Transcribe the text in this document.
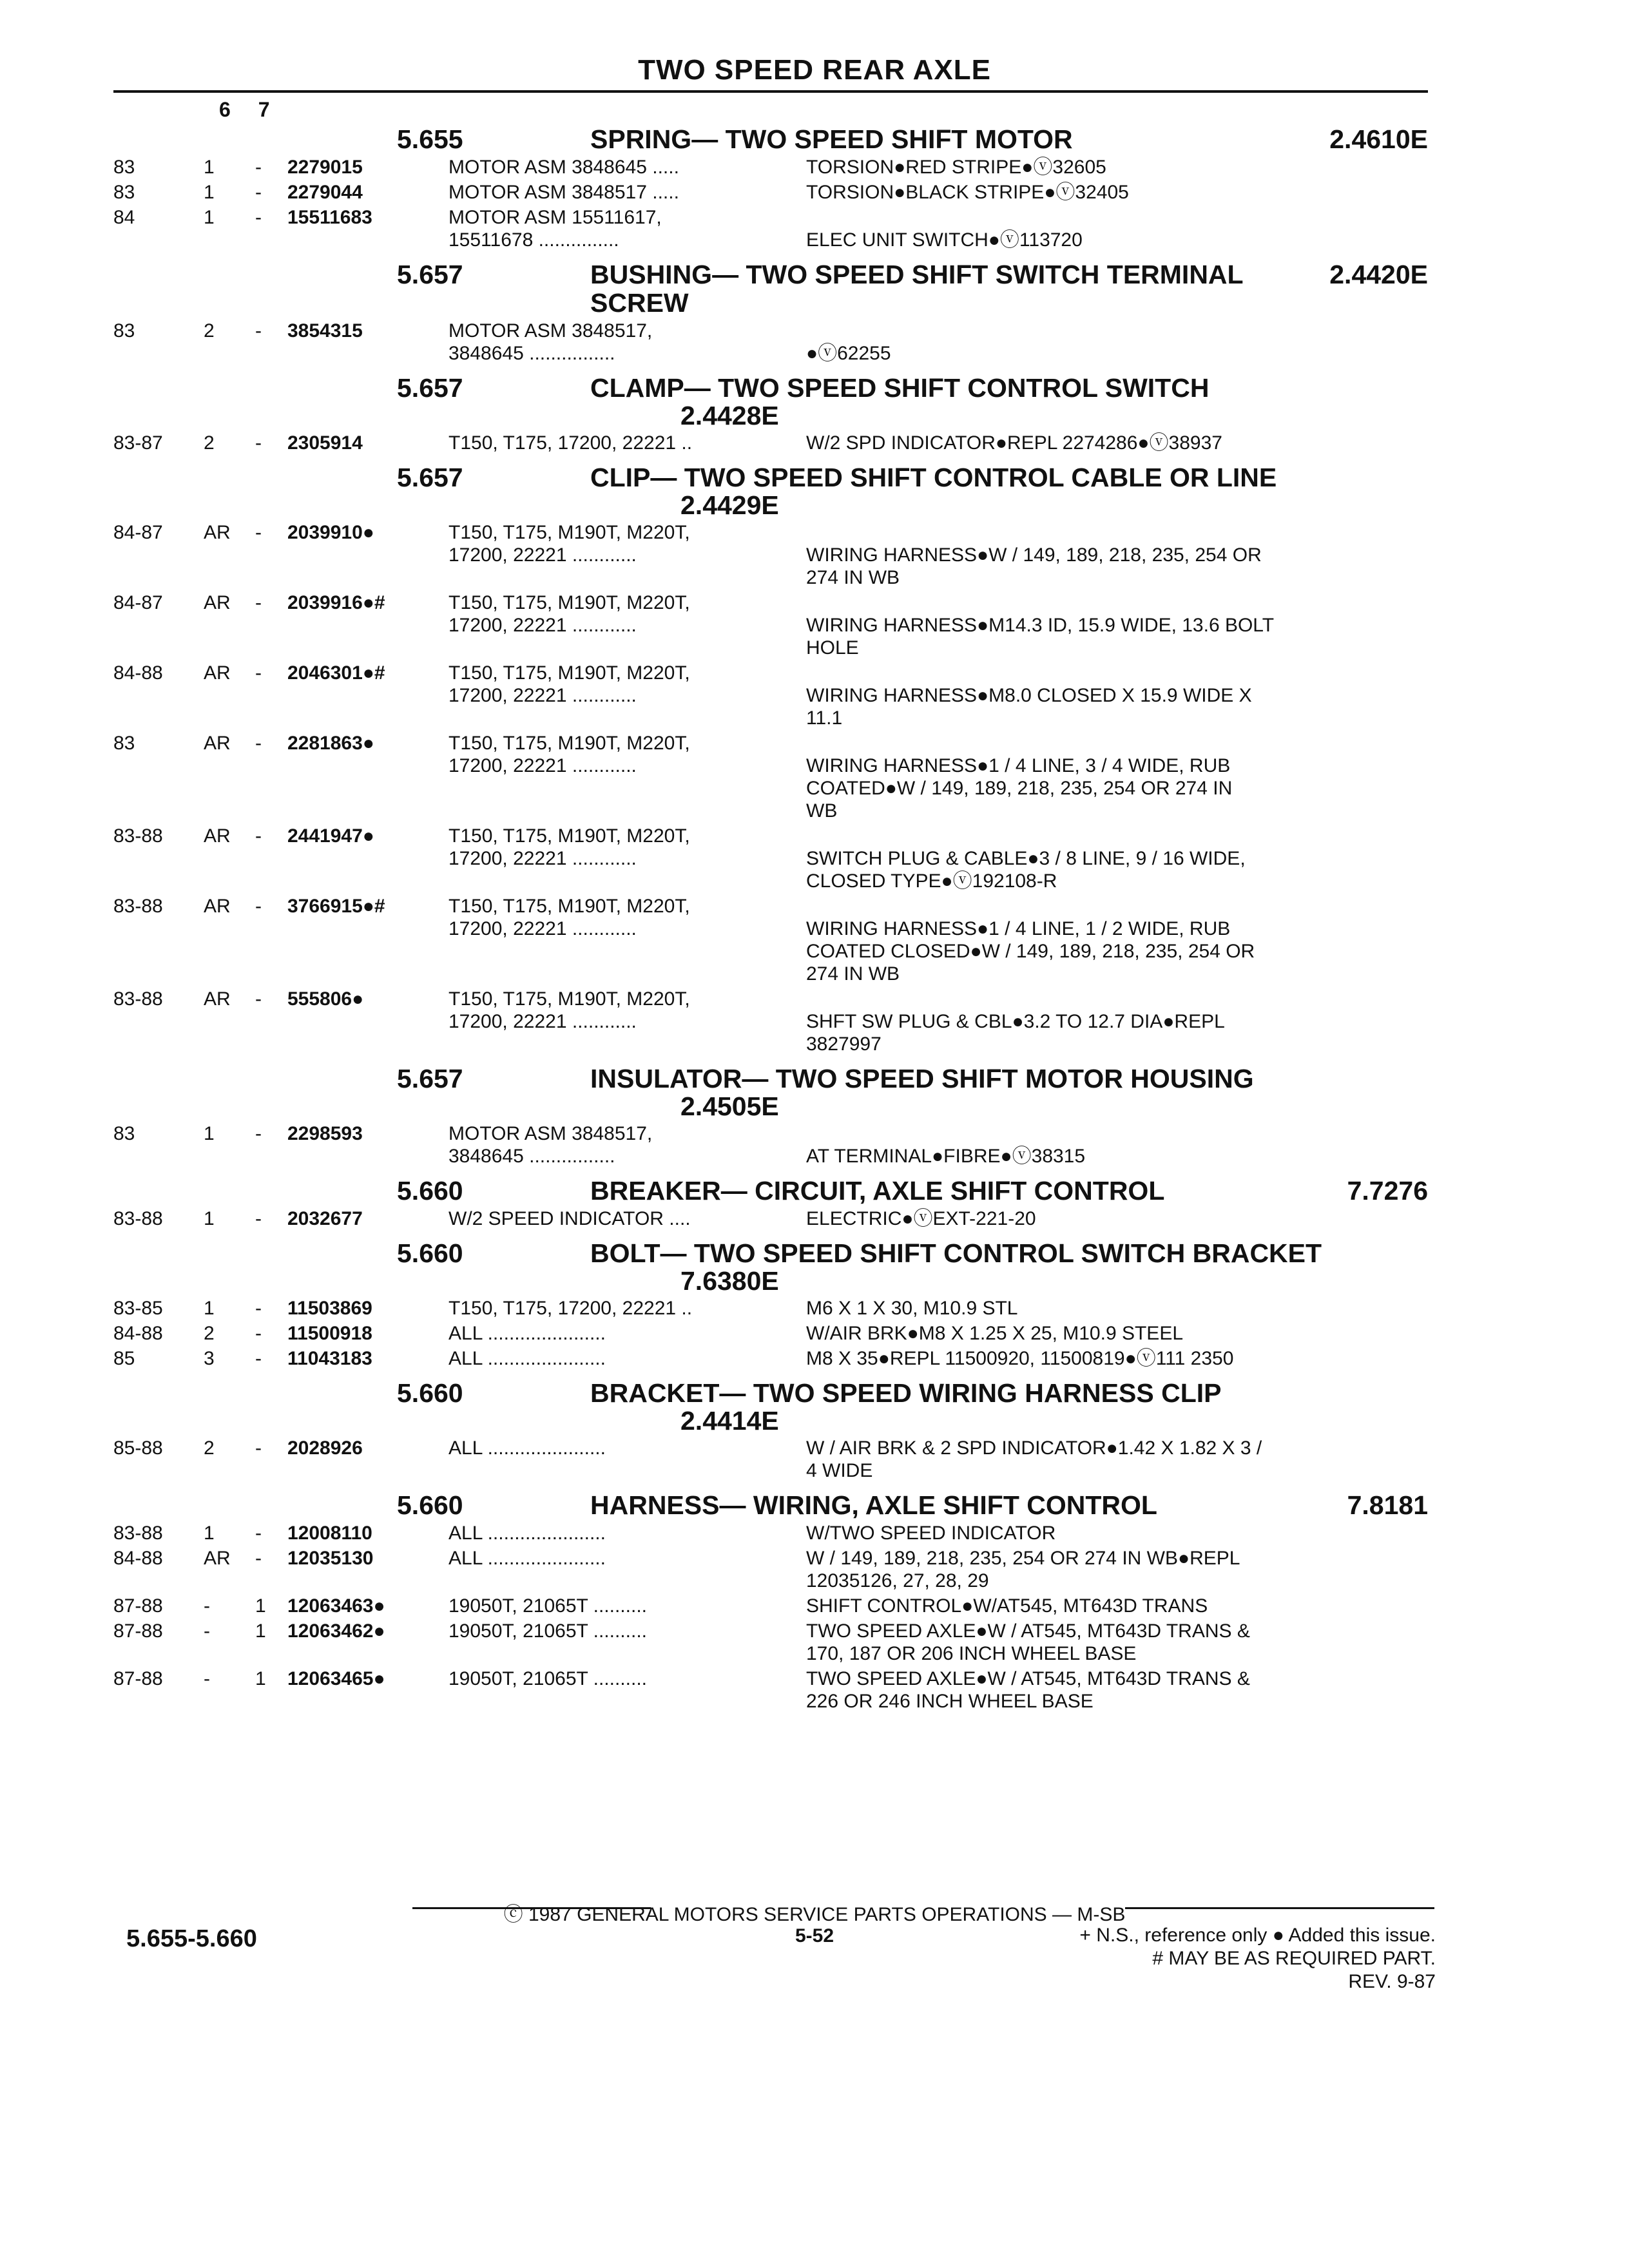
TWO SPEED REAR AXLE
6 7
5.655	SPRING— TWO SPEED SHIFT MOTOR	2.4610E
83	1	-	2279015	MOTOR ASM 3848645 .....	TORSION●RED STRIPE●ⓥ32605
83	1	-	2279044	MOTOR ASM 3848517 .....	TORSION●BLACK STRIPE●ⓥ32405
84	1	-	15511683	MOTOR ASM 15511617,
15511678 ...............	
ELEC UNIT SWITCH●ⓥ113720
5.657	BUSHING— TWO SPEED SHIFT SWITCH TERMINAL SCREW
2.4420E
83	2	-	3854315	MOTOR ASM 3848517,
3848645 ................	
●ⓥ62255
5.657	CLAMP— TWO SPEED SHIFT CONTROL SWITCH
2.4428E
83-87	2	-	2305914	T150, T175, 17200, 22221 ..	W/2 SPD INDICATOR●REPL 2274286●ⓥ38937
5.657	CLIP— TWO SPEED SHIFT CONTROL CABLE OR LINE
2.4429E
84-87	AR	-	2039910●	T150, T175, M190T, M220T,
17200, 22221 ............	
WIRING HARNESS●W / 149, 189, 218, 235, 254 OR
274 IN WB
84-87	AR	-	2039916●#	T150, T175, M190T, M220T,
17200, 22221 ............	
WIRING HARNESS●M14.3 ID, 15.9 WIDE, 13.6 BOLT
HOLE
84-88	AR	-	2046301●#	T150, T175, M190T, M220T,
17200, 22221 ............	
WIRING HARNESS●M8.0 CLOSED X 15.9 WIDE X
11.1
83	AR	-	2281863●	T150, T175, M190T, M220T,
17200, 22221 ............	
WIRING HARNESS●1 / 4 LINE, 3 / 4 WIDE, RUB
COATED●W / 149, 189, 218, 235, 254 OR 274 IN
WB
83-88	AR	-	2441947●	T150, T175, M190T, M220T,
17200, 22221 ............	
SWITCH PLUG & CABLE●3 / 8 LINE, 9 / 16 WIDE,
CLOSED TYPE●ⓥ192108-R
83-88	AR	-	3766915●#	T150, T175, M190T, M220T,
17200, 22221 ............	
WIRING HARNESS●1 / 4 LINE, 1 / 2 WIDE, RUB
COATED CLOSED●W / 149, 189, 218, 235, 254 OR
274 IN WB
83-88	AR	-	555806●	T150, T175, M190T, M220T,
17200, 22221 ............	
SHFT SW PLUG & CBL●3.2 TO 12.7 DIA●REPL
3827997
5.657	INSULATOR— TWO SPEED SHIFT MOTOR HOUSING
2.4505E
83	1	-	2298593	MOTOR ASM 3848517,
3848645 ................	
AT TERMINAL●FIBRE●ⓥ38315
5.660	BREAKER— CIRCUIT, AXLE SHIFT CONTROL	7.7276
83-88	1	-	2032677	W/2 SPEED INDICATOR ....	ELECTRIC●ⓥEXT-221-20
5.660	BOLT— TWO SPEED SHIFT CONTROL SWITCH BRACKET
7.6380E
83-85	1	-	11503869	T150, T175, 17200, 22221 ..	M6 X 1 X 30, M10.9 STL
84-88	2	-	11500918	ALL ......................	W/AIR BRK●M8 X 1.25 X 25, M10.9 STEEL
85	3	-	11043183	ALL ......................	M8 X 35●REPL 11500920, 11500819●ⓥ111 2350
5.660	BRACKET— TWO SPEED WIRING HARNESS CLIP
2.4414E
85-88	2	-	2028926	ALL ......................	W / AIR BRK & 2 SPD INDICATOR●1.42 X 1.82 X 3 /
4 WIDE
5.660	HARNESS— WIRING, AXLE SHIFT CONTROL	7.8181
83-88	1	-	12008110	ALL ......................	W/TWO SPEED INDICATOR
84-88	AR	-	12035130	ALL ......................	W / 149, 189, 218, 235, 254 OR 274 IN WB●REPL
12035126, 27, 28, 29
87-88	-	1	12063463●	19050T, 21065T ..........	SHIFT CONTROL●W/AT545, MT643D TRANS
87-88	-	1	12063462●	19050T, 21065T ..........	TWO SPEED AXLE●W / AT545, MT643D TRANS &
170, 187 OR 206 INCH WHEEL BASE
87-88	-	1	12063465●	19050T, 21065T ..........	TWO SPEED AXLE●W / AT545, MT643D TRANS &
226 OR 246 INCH WHEEL BASE
ⓒ 1987 GENERAL MOTORS SERVICE PARTS OPERATIONS — M-SB
5.655-5.660	5-52	+ N.S., reference only ● Added this issue.
# MAY BE AS REQUIRED PART.
REV. 9-87
